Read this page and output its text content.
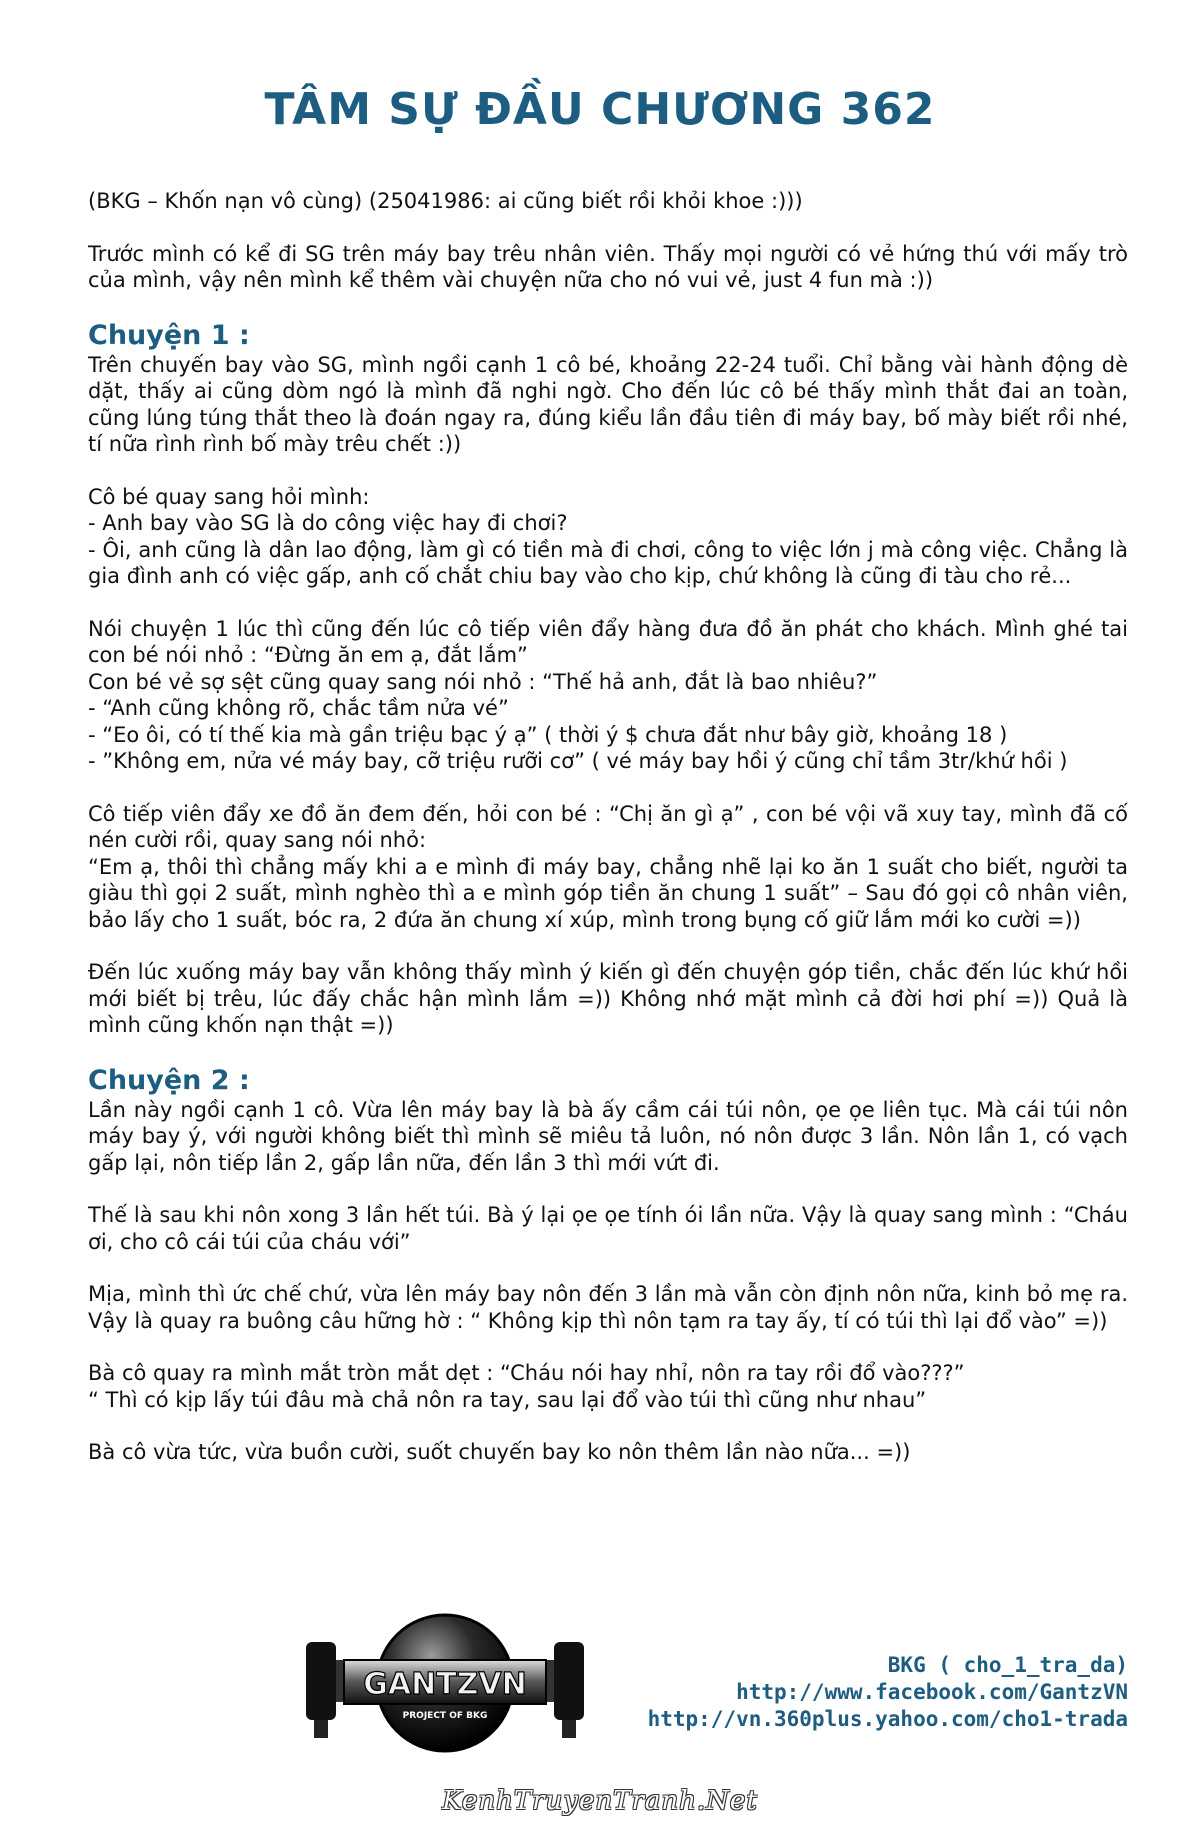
TÂM SỰ ĐẦU CHƯƠNG 362

(BKG – Khốn nạn vô cùng) (25041986: ai cũng biết rồi khỏi khoe :)))

Trước mình có kể đi SG trên máy bay trêu nhân viên. Thấy mọi người có vẻ hứng thú với mấy trò của mình, vậy nên mình kể thêm vài chuyện nữa cho nó vui vẻ, just 4 fun mà :))

Chuyện 1 :

Trên chuyến bay vào SG, mình ngồi cạnh 1 cô bé, khoảng 22-24 tuổi. Chỉ bằng vài hành động dè dặt, thấy ai cũng dòm ngó là mình đã nghi ngờ. Cho đến lúc cô bé thấy mình thắt đai an toàn, cũng lúng túng thắt theo là đoán ngay ra, đúng kiểu lần đầu tiên đi máy bay, bố mày biết rồi nhé, tí nữa rình rình bố mày trêu chết :))

Cô bé quay sang hỏi mình:

- Anh bay vào SG là do công việc hay đi chơi?

- Ôi, anh cũng là dân lao động, làm gì có tiền mà đi chơi, công to việc lớn j mà công việc. Chẳng là gia đình anh có việc gấp, anh cố chắt chiu bay vào cho kịp, chứ không là cũng đi tàu cho rẻ...

Nói chuyện 1 lúc thì cũng đến lúc cô tiếp viên đẩy hàng đưa đồ ăn phát cho khách. Mình ghé tai con bé nói nhỏ : “Đừng ăn em ạ, đắt lắm”

Con bé vẻ sợ sệt cũng quay sang nói nhỏ : “Thế hả anh, đắt là bao nhiêu?”

- “Anh cũng không rõ, chắc tầm nửa vé”

- “Eo ôi, có tí thế kia mà gần triệu bạc ý ạ” ( thời ý $ chưa đắt như bây giờ, khoảng 18 )

- ”Không em, nửa vé máy bay, cỡ triệu rưỡi cơ” ( vé máy bay hồi ý cũng chỉ tầm 3tr/khứ hồi )

Cô tiếp viên đẩy xe đồ ăn đem đến, hỏi con bé : “Chị ăn gì ạ” , con bé vội vã xuy tay, mình đã cố nén cười rồi, quay sang nói nhỏ:

“Em ạ, thôi thì chẳng mấy khi a e mình đi máy bay, chẳng nhẽ lại ko ăn 1 suất cho biết, người ta giàu thì gọi 2 suất, mình nghèo thì a e mình góp tiền ăn chung 1 suất” – Sau đó gọi cô nhân viên, bảo lấy cho 1 suất, bóc ra, 2 đứa ăn chung xí xúp, mình trong bụng cố giữ lắm mới ko cười =))

Đến lúc xuống máy bay vẫn không thấy mình ý kiến gì đến chuyện góp tiền, chắc đến lúc khứ hồi mới biết bị trêu, lúc đấy chắc hận mình lắm =)) Không nhớ mặt mình cả đời hơi phí =)) Quả là mình cũng khốn nạn thật =))

Chuyện 2 :

Lần này ngồi cạnh 1 cô. Vừa lên máy bay là bà ấy cầm cái túi nôn, ọe ọe liên tục. Mà cái túi nôn máy bay ý, với người không biết thì mình sẽ miêu tả luôn, nó nôn được 3 lần. Nôn lần 1, có vạch gấp lại, nôn tiếp lần 2, gấp lần nữa, đến lần 3 thì mới vứt đi.

Thế là sau khi nôn xong 3 lần hết túi. Bà ý lại ọe ọe tính ói lần nữa. Vậy là quay sang mình : “Cháu ơi, cho cô cái túi của cháu với”

Mịa, mình thì ức chế chứ, vừa lên máy bay nôn đến 3 lần mà vẫn còn định nôn nữa, kinh bỏ mẹ ra. Vậy là quay ra buông câu hững hờ : “ Không kịp thì nôn tạm ra tay ấy, tí có túi thì lại đổ vào” =))

Bà cô quay ra mình mắt tròn mắt dẹt : “Cháu nói hay nhỉ, nôn ra tay rồi đổ vào???”

“ Thì có kịp lấy túi đâu mà chả nôn ra tay, sau lại đổ vào túi thì cũng như nhau”

Bà cô vừa tức, vừa buồn cười, suốt chuyến bay ko nôn thêm lần nào nữa... =))

GANTZVN
PROJECT OF BKG
BKG ( cho_1_tra_da)
http://www.facebook.com/GantzVN
http://vn.360plus.yahoo.com/cho1-trada
KenhTruyenTranh.Net
